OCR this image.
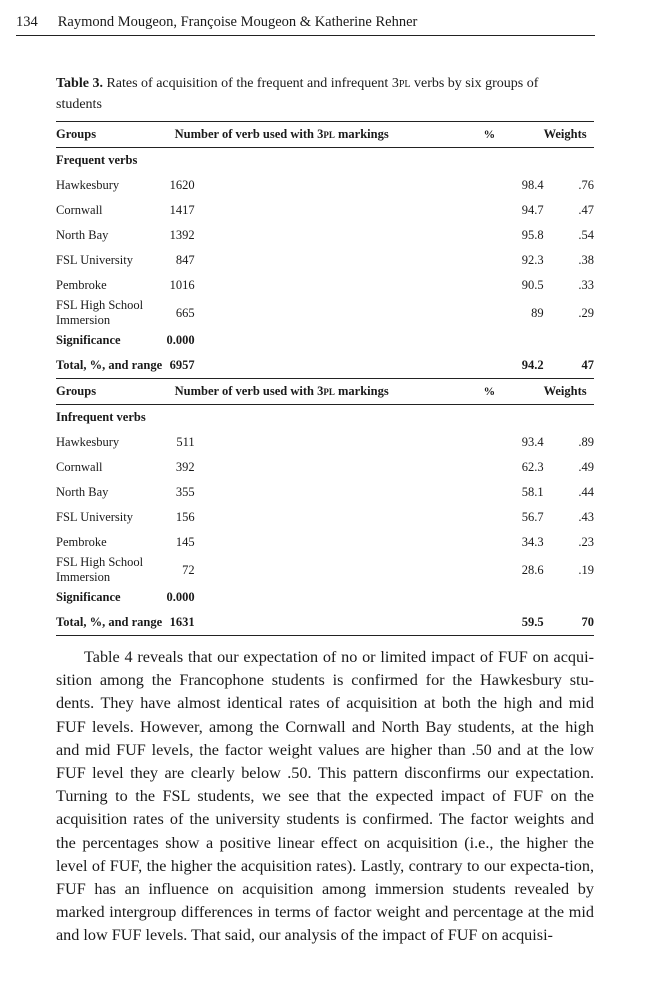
134 Raymond Mougeon, Françoise Mougeon & Katherine Rehner
Table 3. Rates of acquisition of the frequent and infrequent 3pl verbs by six groups of students
Groups	Number of verb used with 3pl markings	%	Weights
Frequent verbs			
Hawkesbury	1620	98.4	.76
Cornwall	1417	94.7	.47
North Bay	1392	95.8	.54
FSL University	847	92.3	.38
Pembroke	1016	90.5	.33
FSL High School Immersion	665	89	.29
Significance	0.000		

Total, %, and range	6957	94.2	47
Groups	Number of verb used with 3pl markings	%	Weights
Infrequent verbs			
Hawkesbury	511	93.4	.89
Cornwall	392	62.3	.49
North Bay	355	58.1	.44
FSL University	156	56.7	.43
Pembroke	145	34.3	.23
FSL High School Immersion	72	28.6	.19
Significance	0.000		

Total, %, and range	1631	59.5	70

Table 4 reveals that our expectation of no or limited impact of FUF on acqui-sition among the Francophone students is confirmed for the Hawkesbury stu-dents. They have almost identical rates of acquisition at both the high and mid FUF levels. However, among the Cornwall and North Bay students, at the high and mid FUF levels, the factor weight values are higher than .50 and at the low FUF level they are clearly below .50. This pattern disconfirms our expectation. Turning to the FSL students, we see that the expected impact of FUF on the acquisition rates of the university students is confirmed. The factor weights and the percentages show a positive linear effect on acquisition (i.e., the higher the level of FUF, the higher the acquisition rates). Lastly, contrary to our expecta-tion, FUF has an influence on acquisition among immersion students revealed by marked intergroup differences in terms of factor weight and percentage at the mid and low FUF levels. That said, our analysis of the impact of FUF on acquisi-
